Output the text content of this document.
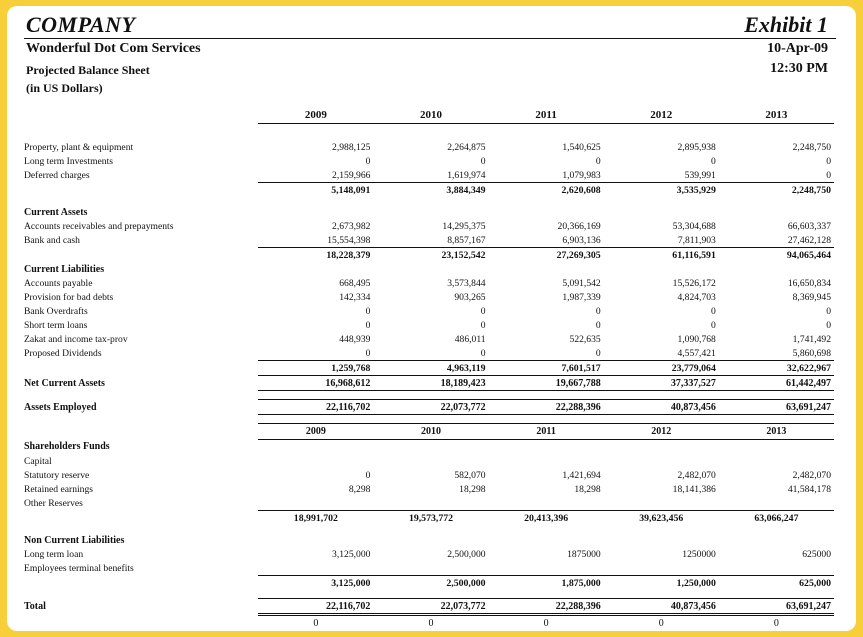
COMPANY	Exhibit 1
Wonderful Dot Com Services	10-Apr-09
Projected Balance Sheet	12:30 PM
(in US Dollars)
	2009	2010	2011	2012	2013

Property, plant & equipment	2,988,125	2,264,875	1,540,625	2,895,938	2,248,750
Long term Investments	0	0	0	0	0
Deferred charges	2,159,966	1,619,974	1,079,983	539,991	0
	5,148,091	3,884,349	2,620,608	3,535,929	2,248,750

Current Assets					
Accounts receivables and prepayments	2,673,982	14,295,375	20,366,169	53,304,688	66,603,337
Bank and cash	15,554,398	8,857,167	6,903,136	7,811,903	27,462,128
	18,228,379	23,152,542	27,269,305	61,116,591	94,065,464
Current Liabilities					
Accounts payable	668,495	3,573,844	5,091,542	15,526,172	16,650,834
Provision for bad debts	142,334	903,265	1,987,339	4,824,703	8,369,945
Bank Overdrafts	0	0	0	0	0
Short term loans	0	0	0	0	0
Zakat and income tax-prov	448,939	486,011	522,635	1,090,768	1,741,492
Proposed Dividends	0	0	0	4,557,421	5,860,698
	1,259,768	4,963,119	7,601,517	23,779,064	32,622,967
Net Current Assets	16,968,612	18,189,423	19,667,788	37,337,527	61,442,497

Assets Employed	22,116,702	22,073,772	22,288,396	40,873,456	63,691,247

	2009	2010	2011	2012	2013
Shareholders Funds					
Capital					
Statutory reserve	0	582,070	1,421,694	2,482,070	2,482,070
Retained earnings	8,298	18,298	18,298	18,141,386	41,584,178
Other Reserves					
	18,991,702	19,573,772	20,413,396	39,623,456	63,066,247

Non Current Liabilities					
Long term loan	3,125,000	2,500,000	1875000	1250000	625000
Employees terminal benefits					
	3,125,000	2,500,000	1,875,000	1,250,000	625,000

Total	22,116,702	22,073,772	22,288,396	40,873,456	63,691,247
	0	0	0	0	0
